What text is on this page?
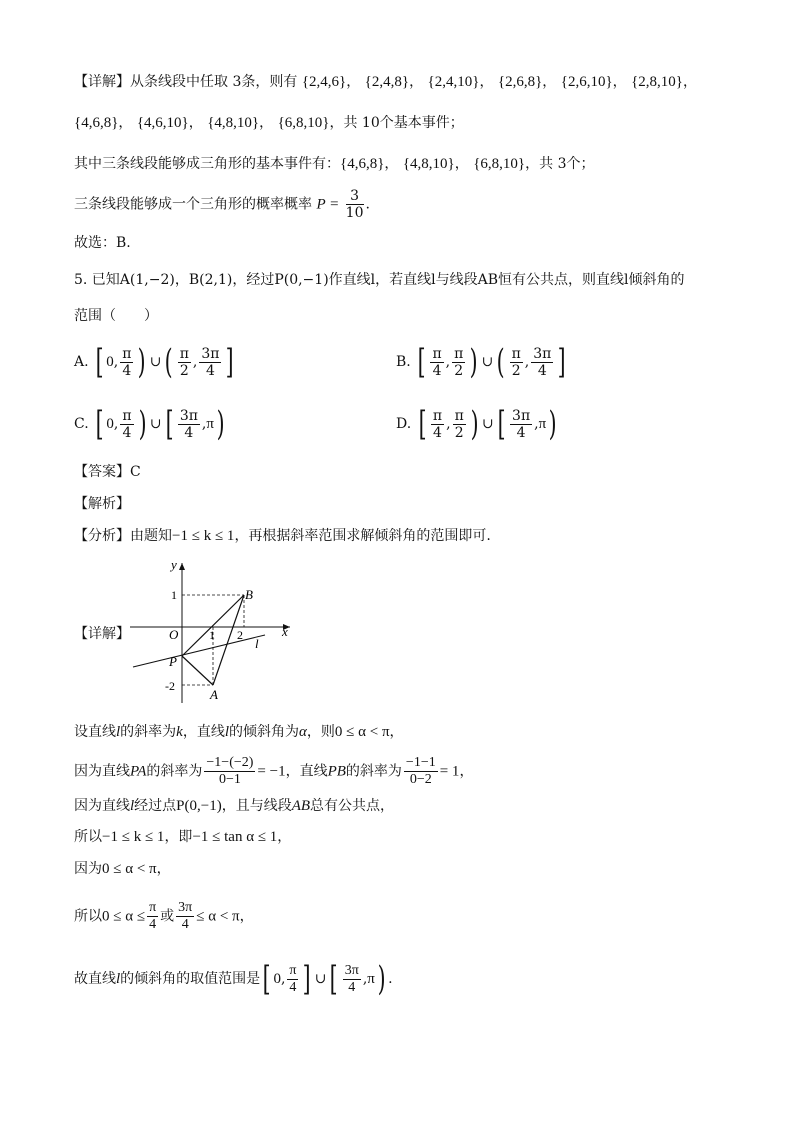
【详解】从条线段中任取 3条，则有 {2,4,6}， {2,4,8}， {2,4,10}， {2,6,8}， {2,6,10}， {2,8,10}，
{4,6,8}， {4,6,10}， {4,8,10}， {6,8,10}，共 10个基本事件；
其中三条线段能够成三角形的基本事件有：{4,6,8}， {4,8,10}， {6,8,10}，共 3个；
三条线段能够成一个三角形的概率概率 $P = \frac{3}{10}$ .
故选：B.
5. 已知A(1,−2)，B(2,1)，经过P(0,−1)作直线l，若直线l与线段AB恒有公共点，则直线l倾斜角的
范围（　　）
A. [ 0, $\frac{\pi}{4}$ ) ∪ ( $\frac{\pi}{2}$ , $\frac{3\pi}{4}$ ]	B. [ $\frac{\pi}{4}$ , $\frac{\pi}{2}$ ) ∪ ( $\frac{\pi}{2}$ , $\frac{3\pi}{4}$ ]
C. [ 0, $\frac{\pi}{4}$ ) ∪ [ $\frac{3\pi}{4} ,\pi$)	D. [ $\frac{\pi}{4}$ , $\frac{\pi}{2}$ ) ∪ [ $\frac{3\pi}{4} ,\pi$)
【答案】C
【解析】
【分析】由题知−1 ≤ k ≤ 1，再根据斜率范围求解倾斜角的范围即可.
【详解】
y
x
O
B
P
A
l
1
-2
1 2
设直线l的斜率为k，直线l的倾斜角为α，则0 ≤ α < π，
因为直线PA的斜率为 $\frac{-1-(-2)}{0-1} = -1$，直线PB的斜率为 $\frac{-1-1}{0-2} = 1$，
因为直线l经过点P(0,−1)，且与线段AB总有公共点，
所以−1 ≤ k ≤ 1，即−1 ≤ tan α ≤ 1，
因为0 ≤ α < π，
所以$0 \le \alpha \le \frac{\pi}{4}$ 或 $\frac{3\pi}{4} \le \alpha < \pi$，
故直线l的倾斜角的取值范围是[ 0, $\frac{\pi}{4}$ ] ∪ [ $\frac{3\pi}{4} ,\pi$) .
